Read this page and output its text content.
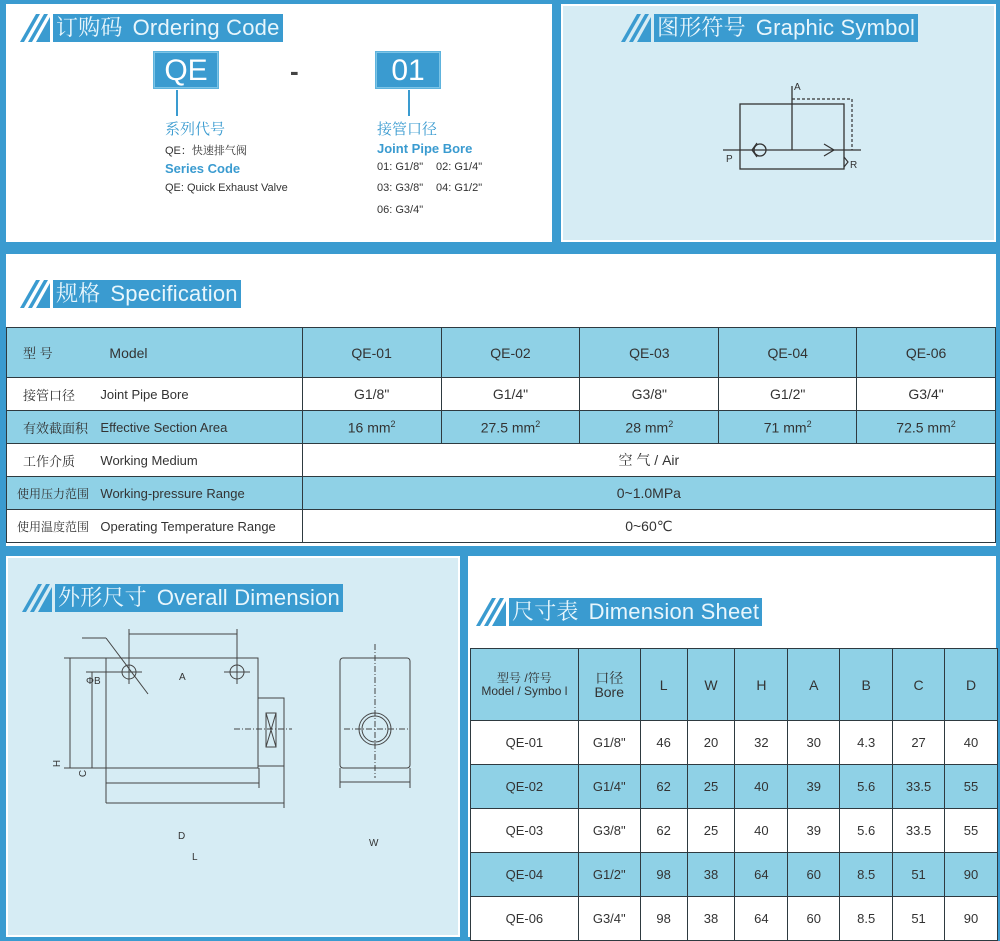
订购码 Ordering Code
QE	-	01
系列代号
QE：快速排气阀
Series Code
QE: Quick Exhaust Valve
接管口径
Joint Pipe Bore
01: G1/8" 02: G1/4"
03: G3/8" 04: G1/2"
06: G3/4"
图形符号 Graphic Symbol
A
P
R
规格 Specification
型 号	Model	QE-01	QE-02	QE-03	QE-04	QE-06
接管口径	Joint Pipe Bore	G1/8"	G1/4"	G3/8"	G1/2"	G3/4"
有效截面积	Effective Section Area	16 $mm^2$	27.5 $mm^2$	28 $mm^2$	71 $mm^2$	72.5 $mm^2$
工作介质	Working Medium	空 气 / Air				
使用压力范围	Working-pressure Range	0~1.0MPa				
使用温度范围	Operating Temperature Range	0~60℃				
外形尺寸 Overall Dimension
ΦB	A
H
C
D
L
W
尺寸表 Dimension Sheet
型号 /符号
Model / Symbo l

口径
Bore	L	W	H	A	B	C	D
QE-01	G1/8"	46	20	32	30	4.3	27	40
QE-02	G1/4"	62	25	40	39	5.6	33.5	55
QE-03	G3/8"	62	25	40	39	5.6	33.5	55
QE-04	G1/2"	98	38	64	60	8.5	51	90
QE-06	G3/4"	98	38	64	60	8.5	51	90
